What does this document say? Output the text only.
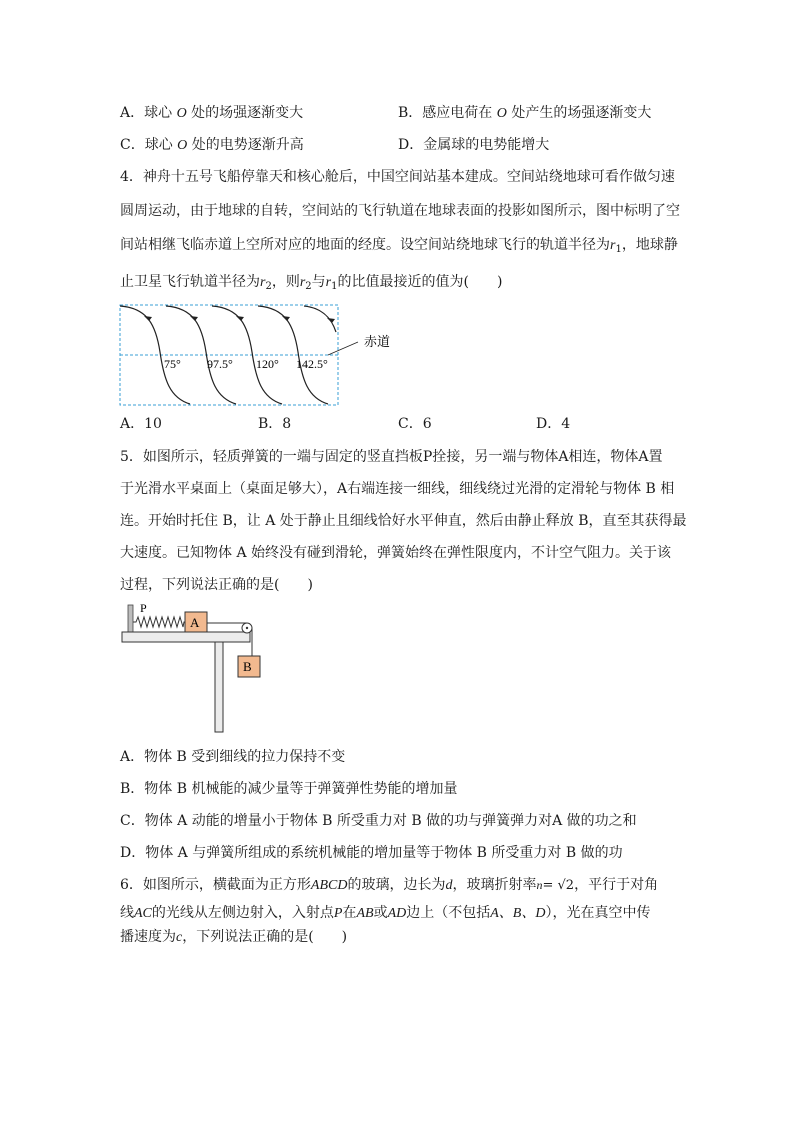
A．球心 O 处的场强逐渐变大	B．感应电荷在 O 处产生的场强逐渐变大
C．球心 O 处的电势逐渐升高	D．金属球的电势能增大
4．神舟十五号飞船停靠天和核心舱后，中国空间站基本建成。空间站绕地球可看作做匀速
圆周运动，由于地球的自转，空间站的飞行轨道在地球表面的投影如图所示，图中标明了空
间站相继飞临赤道上空所对应的地面的经度。设空间站绕地球飞行的轨道半径为$r_1$，地球静
止卫星飞行轨道半径为$r_2$，则$r_2$与$r_1$的比值最接近的值为(　　)
赤道
75° 97.5° 120° 142.5°
A．10	B．8	C．6	D．4
5．如图所示，轻质弹簧的一端与固定的竖直挡板P拴接，另一端与物体A相连，物体A置
于光滑水平桌面上（桌面足够大），A右端连接一细线，细线绕过光滑的定滑轮与物体 B 相
连。开始时托住 B，让 A 处于静止且细线恰好水平伸直，然后由静止释放 B，直至其获得最
大速度。已知物体 A 始终没有碰到滑轮，弹簧始终在弹性限度内，不计空气阻力。关于该
过程，下列说法正确的是(　　)
P
A
B
A．物体 B 受到细线的拉力保持不变
B．物体 B 机械能的减少量等于弹簧弹性势能的增加量
C．物体 A 动能的增量小于物体 B 所受重力对 B 做的功与弹簧弹力对A 做的功之和
D．物体 A 与弹簧所组成的系统机械能的增加量等于物体 B 所受重力对 B 做的功
6．如图所示，横截面为正方形ABCD的玻璃，边长为d，玻璃折射率n= √2，平行于对角
线AC的光线从左侧边射入，入射点P在AB或AD边上（不包括A、B、D），光在真空中传
播速度为c，下列说法正确的是(　　)
